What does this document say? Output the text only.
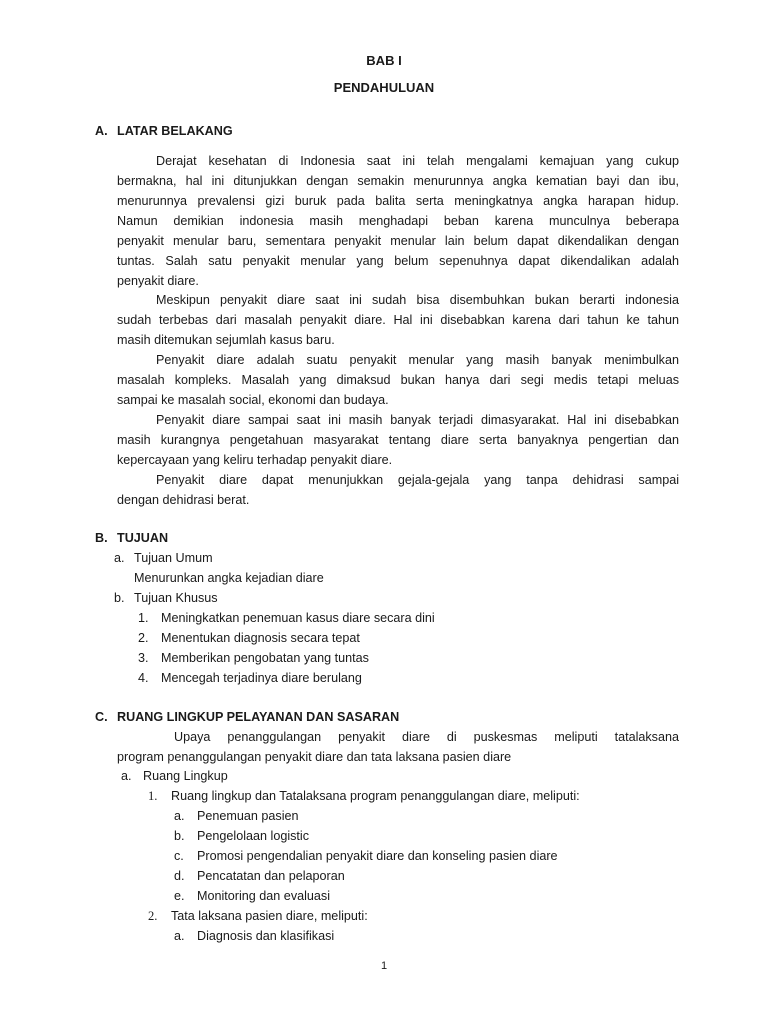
BAB I
PENDAHULUAN
A. LATAR BELAKANG
Derajat kesehatan di Indonesia saat ini telah mengalami kemajuan yang cukup
bermakna, hal ini ditunjukkan dengan semakin menurunnya angka kematian bayi dan ibu,
menurunnya prevalensi gizi buruk pada balita serta meningkatnya angka harapan hidup.
Namun demikian indonesia masih menghadapi beban karena munculnya beberapa
penyakit menular baru, sementara penyakit menular lain belum dapat dikendalikan dengan
tuntas. Salah satu penyakit menular yang belum sepenuhnya dapat dikendalikan adalah
penyakit diare.
Meskipun penyakit diare saat ini sudah bisa disembuhkan bukan berarti indonesia
sudah terbebas dari masalah penyakit diare. Hal ini disebabkan karena dari tahun ke tahun
masih ditemukan sejumlah kasus baru.
Penyakit diare adalah suatu penyakit menular yang masih banyak menimbulkan
masalah kompleks. Masalah yang dimaksud bukan hanya dari segi medis tetapi meluas
sampai ke masalah social, ekonomi dan budaya.
Penyakit diare sampai saat ini masih banyak terjadi dimasyarakat. Hal ini disebabkan
masih kurangnya pengetahuan masyarakat tentang diare serta banyaknya pengertian dan
kepercayaan yang keliru terhadap penyakit diare.
Penyakit diare dapat menunjukkan gejala-gejala yang tanpa dehidrasi sampai
dengan dehidrasi berat.
B. TUJUAN
a. Tujuan Umum
Menurunkan angka kejadian diare
b. Tujuan Khusus
1. Meningkatkan penemuan kasus diare secara dini
2. Menentukan diagnosis secara tepat
3. Memberikan pengobatan yang tuntas
4. Mencegah terjadinya diare berulang
C. RUANG LINGKUP PELAYANAN DAN SASARAN
Upaya penanggulangan penyakit diare di puskesmas meliputi tatalaksana
program penanggulangan penyakit diare dan tata laksana pasien diare
a. Ruang Lingkup
1. Ruang lingkup dan Tatalaksana program penanggulangan diare, meliputi:
a. Penemuan pasien
b. Pengelolaan logistic
c. Promosi pengendalian penyakit diare dan konseling pasien diare
d. Pencatatan dan pelaporan
e. Monitoring dan evaluasi
2. Tata laksana pasien diare, meliputi:
a. Diagnosis dan klasifikasi
1
